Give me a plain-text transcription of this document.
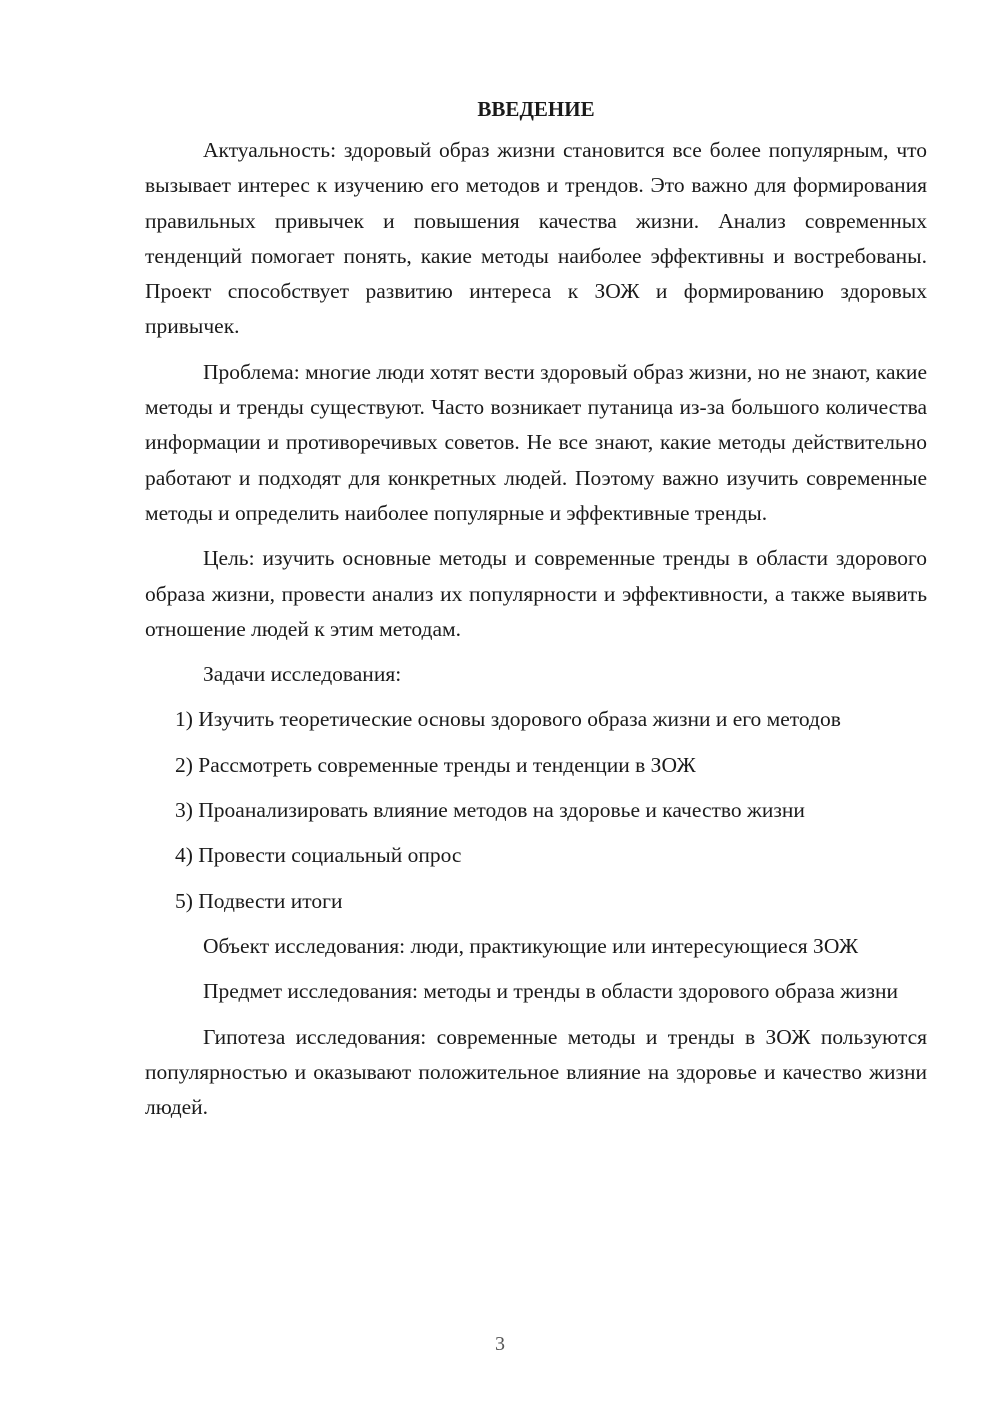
ВВЕДЕНИЕ

Актуальность: здоровый образ жизни становится все более популярным, что вызывает интерес к изучению его методов и трендов. Это важно для формирования правильных привычек и повышения качества жизни. Анализ современных тенденций помогает понять, какие методы наиболее эффективны и востребованы. Проект способствует развитию интереса к ЗОЖ и формированию здоровых привычек.

Проблема: многие люди хотят вести здоровый образ жизни, но не знают, какие методы и тренды существуют. Часто возникает путаница из-за большого количества информации и противоречивых советов. Не все знают, какие методы действительно работают и подходят для конкретных людей. Поэтому важно изучить современные методы и определить наиболее популярные и эффективные тренды.

Цель: изучить основные методы и современные тренды в области здорового образа жизни, провести анализ их популярности и эффективности, а также выявить отношение людей к этим методам.

Задачи исследования:

1) Изучить теоретические основы здорового образа жизни и его методов

2) Рассмотреть современные тренды и тенденции в ЗОЖ

3) Проанализировать влияние методов на здоровье и качество жизни

4) Провести социальный опрос

5) Подвести итоги

Объект исследования: люди, практикующие или интересующиеся ЗОЖ

Предмет исследования: методы и тренды в области здорового образа жизни

Гипотеза исследования: современные методы и тренды в ЗОЖ пользуются популярностью и оказывают положительное влияние на здоровье и качество жизни людей.

3
